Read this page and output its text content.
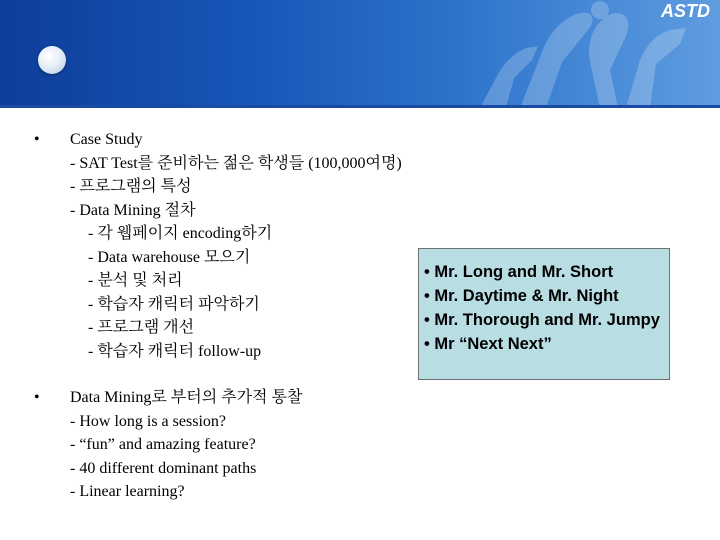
ASTD
• Case Study
- SAT Test를 준비하는 젊은 학생들 (100,000여명)
- 프로그램의 특성
- Data Mining 절차
- 각 웹페이지 encoding하기
- Data warehouse 모으기
- 분석 및 처리
- 학습자 캐릭터 파악하기
- 프로그램 개선
- 학습자 캐릭터 follow-up
• Data Mining로 부터의 추가적 통찰
- How long is a session?
- “fun” and amazing feature?
- 40 different dominant paths
- Linear learning?
• Mr. Long and Mr. Short
• Mr. Daytime & Mr. Night
• Mr. Thorough and Mr. Jumpy
• Mr “Next Next”
